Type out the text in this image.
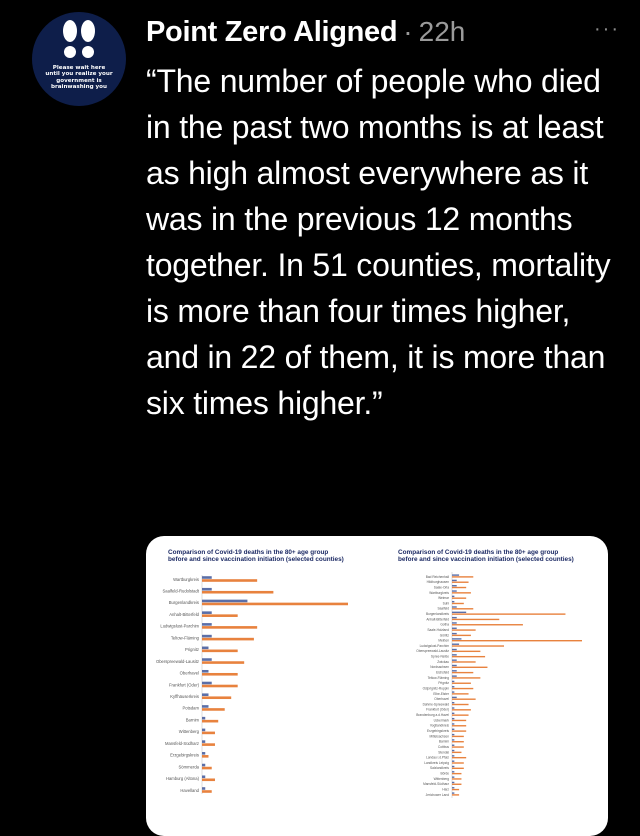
Please wait here
until you realize your
government is
brainwashing you
Point Zero Aligned · 22h	···
“The number of people who died in the past two months is at least as high almost everywhere as it was in the previous 12 months together. In 51 counties, mortality is more than four times higher, and in 22 of them, it is more than six times higher.”
Comparison of Covid-19 deaths in the 80+ age group
before and since vaccination initiation (selected counties)
Comparison of Covid-19 deaths in the 80+ age group
before and since vaccination initiation (selected counties)
Wartburgkreis
Saalfeld-Rudolstadt
Burgenlandkreis
Anhalt-Bitterfeld
Ludwigslust-Parchim
Teltow-Fläming
Prignitz
Oberspreewald-Lausitz
Oberhavel
Frankfurt (Oder)
Kyffhäuserkreis
Potsdam
Barnim
Wittenberg
Mansfeld-Südharz
Erzgebirgskreis
Sömmerda
Hamburg (Altona)
Havelland
Bad Reichenhall
Hildburghausen
Saale-Orla
Wartburgkreis
Weimar
Suhl
Saalfeld
Burgenlandkreis
Anhalt-Bitterfeld
Gotha
Saale-Holzland
Görlitz
Meißen
Ludwigslust-Parchim
Oberspreewald-Lausitz
Spree-Neiße
Zwickau
Nordsachsen
Eichsfeld
Teltow-Fläming
Prignitz
Ostprignitz-Ruppin
Elbe-Elster
Oberhavel
Dahme-Spreewald
Frankfurt (Oder)
Brandenburg a.d.Havel
Uckermark
Vogtlandkreis
Erzgebirgskreis
Mittelsachsen
Barnim
Cottbus
Stendal
Landau i.d.Pfalz
Landkreis Leipzig
Salzlandkreis
Börde
Wittenberg
Mansfeld-Südharz
Harz
Jerichower Land
